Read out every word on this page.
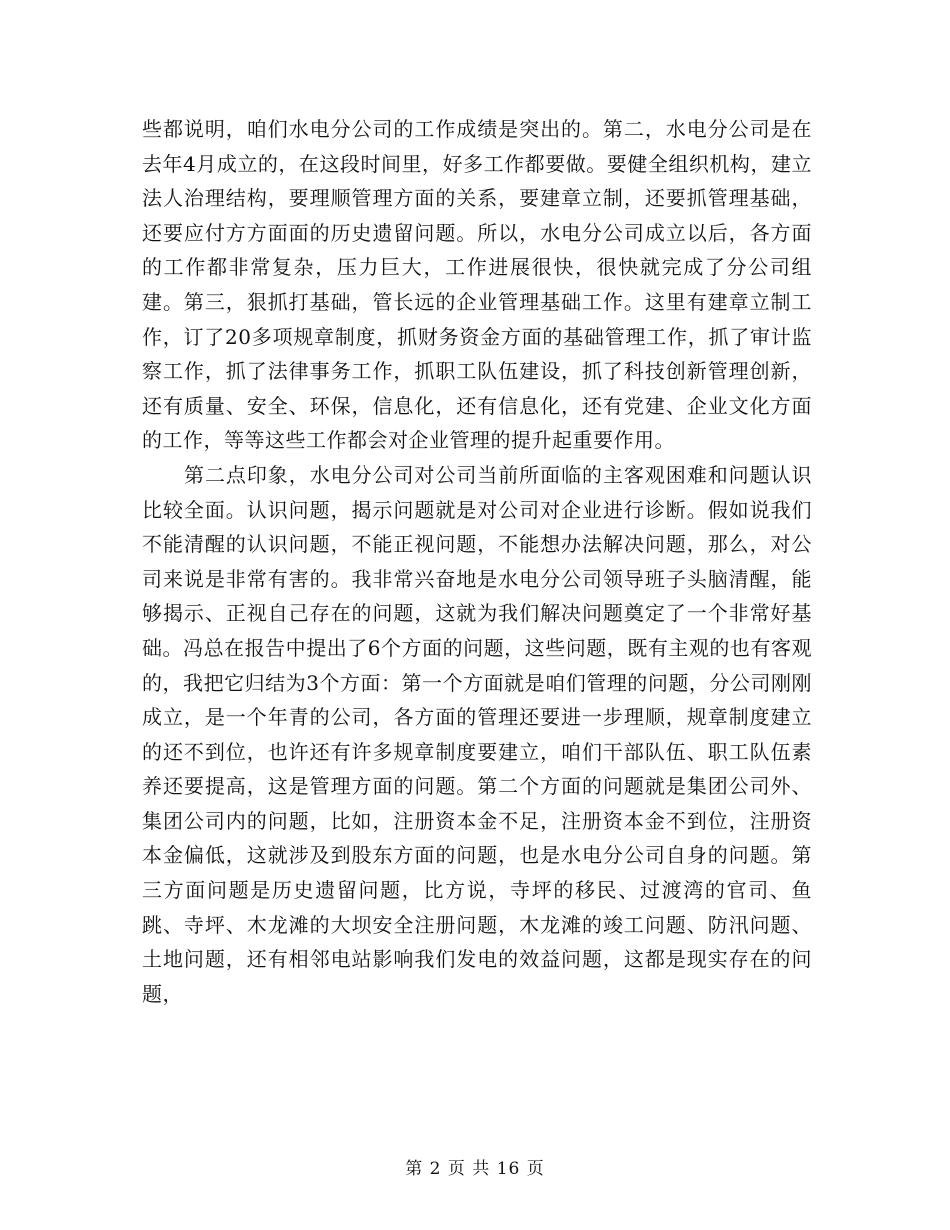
些都说明，咱们水电分公司的工作成绩是突出的。第二，水电分公司是在去年4月成立的，在这段时间里，好多工作都要做。要健全组织机构，建立法人治理结构，要理顺管理方面的关系，要建章立制，还要抓管理基础，还要应付方方面面的历史遗留问题。所以，水电分公司成立以后，各方面的工作都非常复杂，压力巨大，工作进展很快，很快就完成了分公司组建。第三，狠抓打基础，管长远的企业管理基础工作。这里有建章立制工作，订了20多项规章制度，抓财务资金方面的基础管理工作，抓了审计监察工作，抓了法律事务工作，抓职工队伍建设，抓了科技创新管理创新，还有质量、安全、环保，信息化，还有信息化，还有党建、企业文化方面的工作，等等这些工作都会对企业管理的提升起重要作用。

第二点印象，水电分公司对公司当前所面临的主客观困难和问题认识比较全面。认识问题，揭示问题就是对公司对企业进行诊断。假如说我们不能清醒的认识问题，不能正视问题，不能想办法解决问题，那么，对公司来说是非常有害的。我非常兴奋地是水电分公司领导班子头脑清醒，能够揭示、正视自己存在的问题，这就为我们解决问题奠定了一个非常好基础。冯总在报告中提出了6个方面的问题，这些问题，既有主观的也有客观的，我把它归结为3个方面：第一个方面就是咱们管理的问题，分公司刚刚成立，是一个年青的公司，各方面的管理还要进一步理顺，规章制度建立的还不到位，也许还有许多规章制度要建立，咱们干部队伍、职工队伍素养还要提高，这是管理方面的问题。第二个方面的问题就是集团公司外、集团公司内的问题，比如，注册资本金不足，注册资本金不到位，注册资本金偏低，这就涉及到股东方面的问题，也是水电分公司自身的问题。第三方面问题是历史遗留问题，比方说，寺坪的移民、过渡湾的官司、鱼跳、寺坪、木龙滩的大坝安全注册问题，木龙滩的竣工问题、防汛问题、土地问题，还有相邻电站影响我们发电的效益问题，这都是现实存在的问题，

第 2 页 共 16 页
